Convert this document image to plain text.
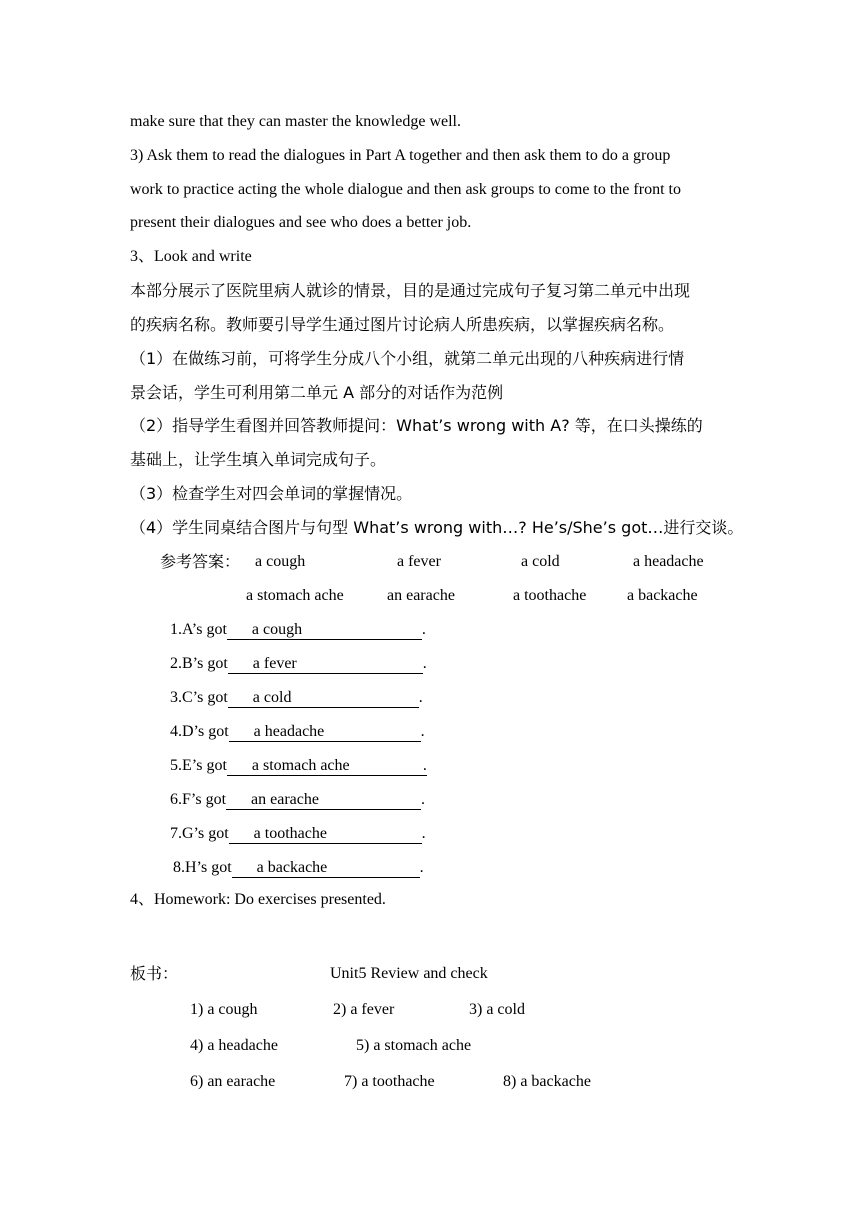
make sure that they can master the knowledge well.
3) Ask them to read the dialogues in Part A together and then ask them to do a group
work to practice acting the whole dialogue and then ask groups to come to the front to
present their dialogues and see who does a better job.
3、Look and write
本部分展示了医院里病人就诊的情景，目的是通过完成句子复习第二单元中出现
的疾病名称。教师要引导学生通过图片讨论病人所患疾病，以掌握疾病名称。
（1）在做练习前，可将学生分成八个小组，就第二单元出现的八种疾病进行情
景会话，学生可利用第二单元 A 部分的对话作为范例
（2）指导学生看图并回答教师提问：What’s wrong with A? 等，在口头操练的
基础上，让学生填入单词完成句子。
（3）检查学生对四会单词的掌握情况。
（4）学生同桌结合图片与句型 What’s wrong with…? He’s/She’s got…进行交谈。
参考答案： a cough	a fever	a cold	a headache
a stomach ache	an earache	a toothache	a backache
1.A’s got a cough	.
2.B’s got a fever	.
3.C’s got a cold	.
4.D’s got a headache	.
5.E’s got a stomach ache	.
6.F’s got an earache	.
7.G’s got a toothache	.
8.H’s got a backache	.
4、Homework: Do exercises presented.
板书：	Unit5 Review and check
1) a cough	2) a fever	3) a cold
4) a headache	5) a stomach ache
6) an earache	7) a toothache	8) a backache
